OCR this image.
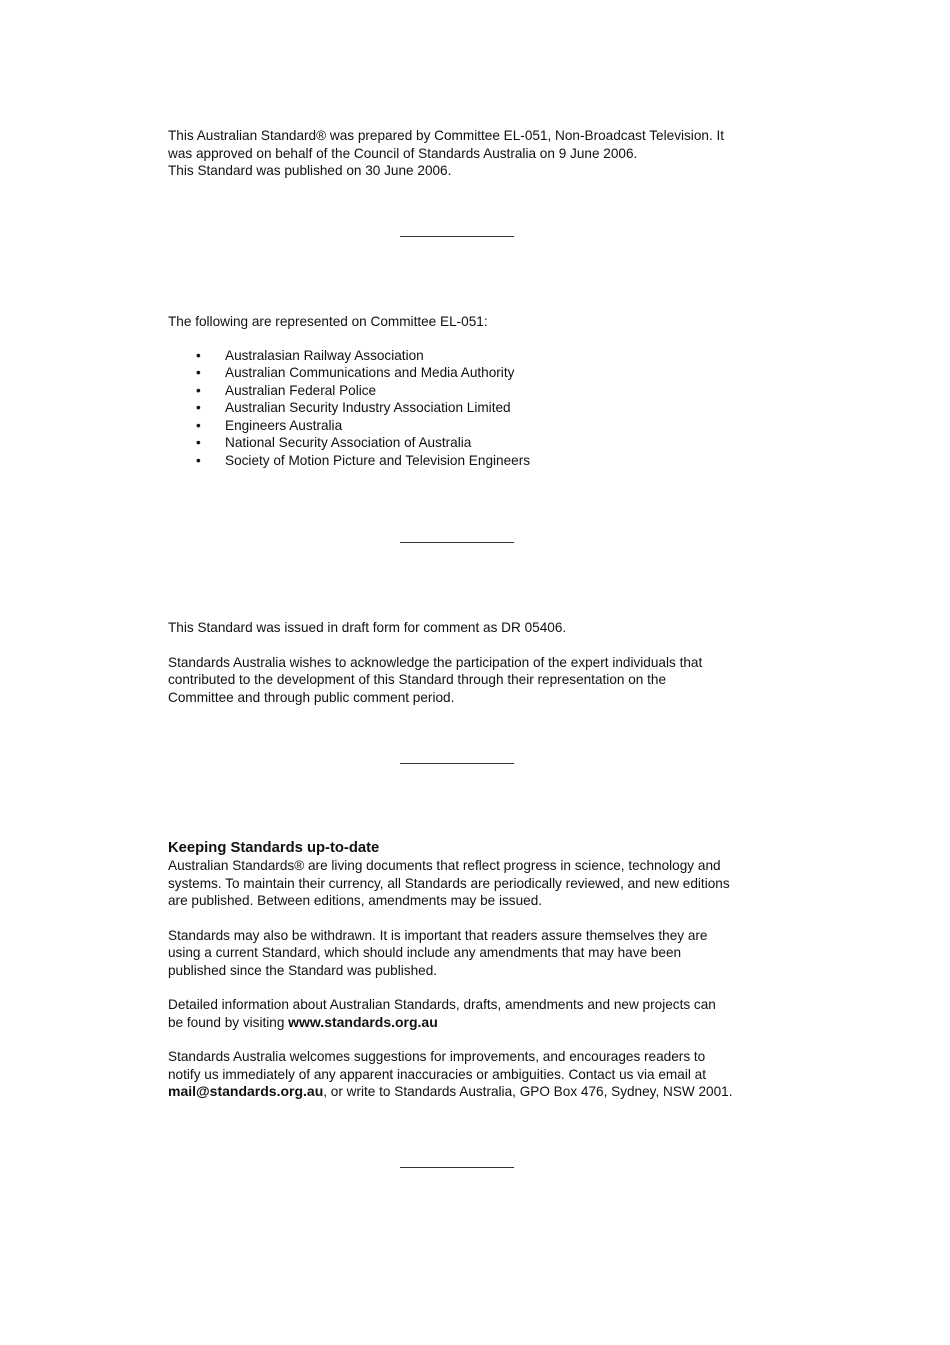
This Australian Standard® was prepared by Committee EL-051, Non-Broadcast Television. It

was approved on behalf of the Council of Standards Australia on 9 June 2006.

This Standard was published on 30 June 2006.

The following are represented on Committee EL-051:

• Australasian Railway Association
• Australian Communications and Media Authority
• Australian Federal Police
• Australian Security Industry Association Limited
• Engineers Australia
• National Security Association of Australia
• Society of Motion Picture and Television Engineers

This Standard was issued in draft form for comment as DR 05406.

Standards Australia wishes to acknowledge the participation of the expert individuals that

contributed to the development of this Standard through their representation on the

Committee and through public comment period.

Keeping Standards up-to-date

Australian Standards® are living documents that reflect progress in science, technology and

systems. To maintain their currency, all Standards are periodically reviewed, and new editions

are published. Between editions, amendments may be issued.

Standards may also be withdrawn. It is important that readers assure themselves they are

using a current Standard, which should include any amendments that may have been

published since the Standard was published.

Detailed information about Australian Standards, drafts, amendments and new projects can

be found by visiting www.standards.org.au

Standards Australia welcomes suggestions for improvements, and encourages readers to

notify us immediately of any apparent inaccuracies or ambiguities. Contact us via email at

mail@standards.org.au, or write to Standards Australia, GPO Box 476, Sydney, NSW 2001.
